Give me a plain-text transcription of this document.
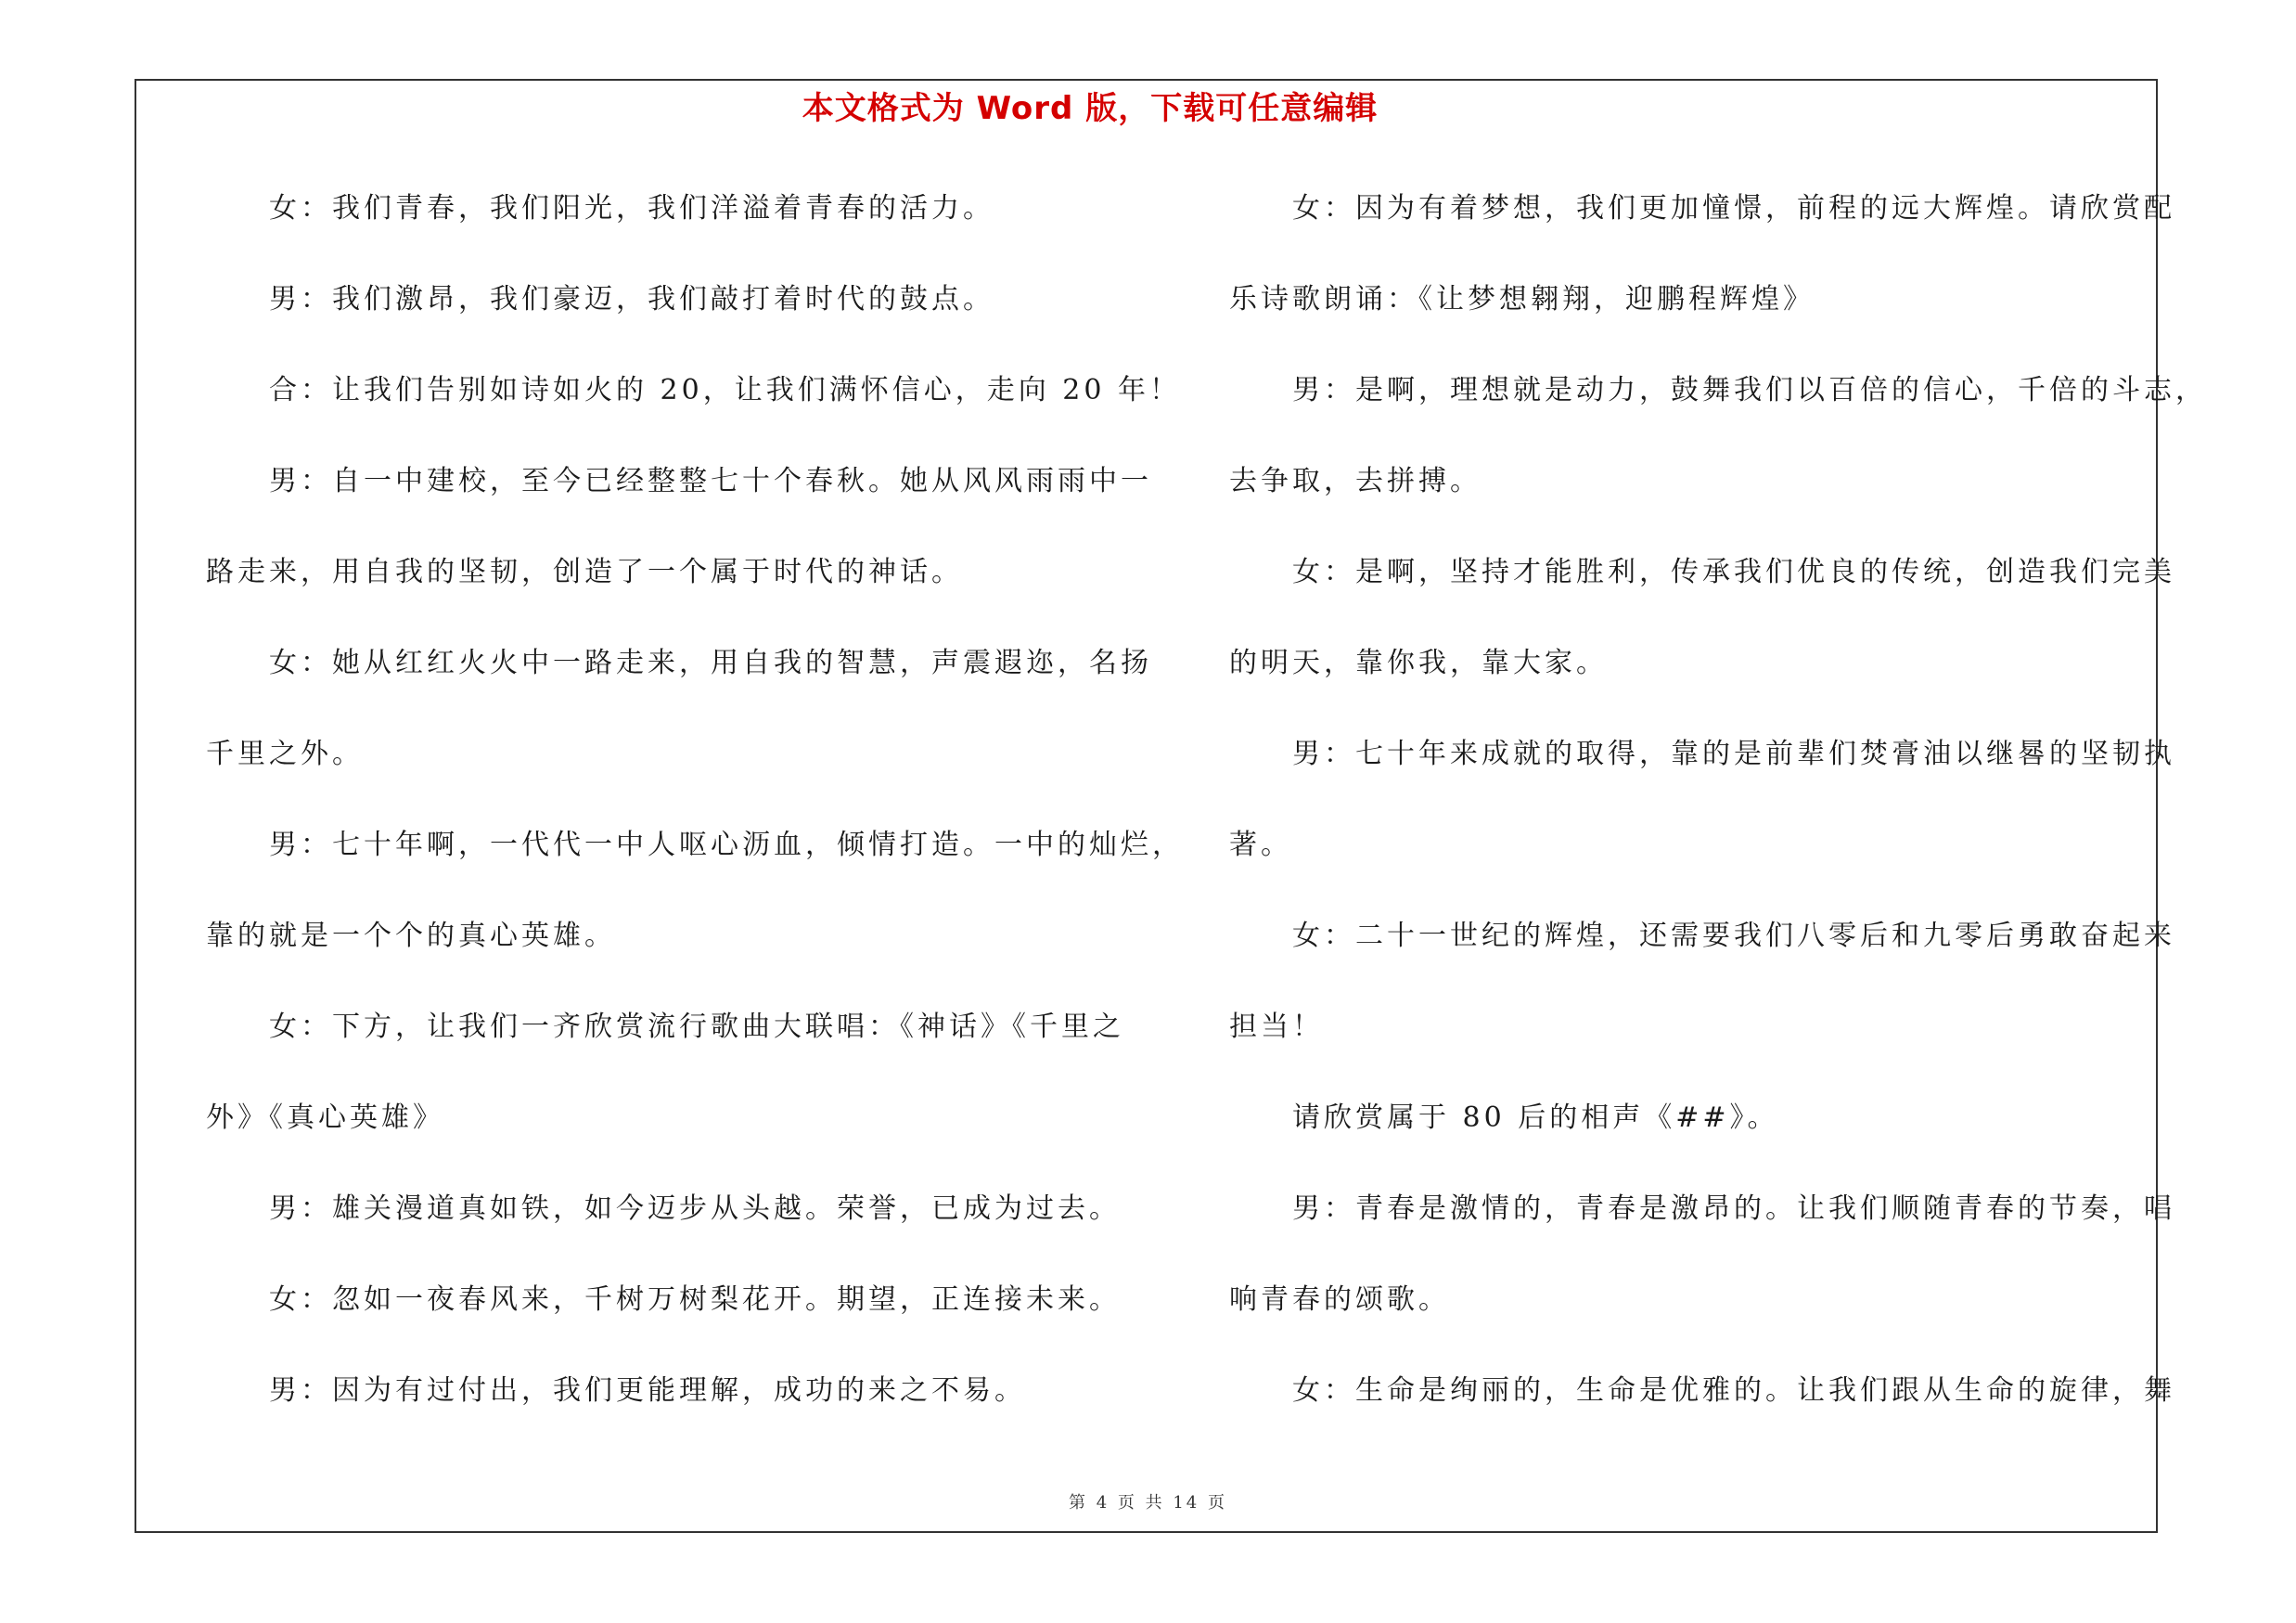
本文格式为 Word 版，下载可任意编辑
女：我们青春，我们阳光，我们洋溢着青春的活力。
男：我们激昂，我们豪迈，我们敲打着时代的鼓点。
合：让我们告别如诗如火的 20，让我们满怀信心，走向 20 年！
男：自一中建校，至今已经整整七十个春秋。她从风风雨雨中一
路走来，用自我的坚韧，创造了一个属于时代的神话。
女：她从红红火火中一路走来，用自我的智慧，声震遐迩，名扬
千里之外。
男：七十年啊，一代代一中人呕心沥血，倾情打造。一中的灿烂，
靠的就是一个个的真心英雄。
女：下方，让我们一齐欣赏流行歌曲大联唱：《神话》《千里之
外》《真心英雄》
男：雄关漫道真如铁，如今迈步从头越。荣誉，已成为过去。
女：忽如一夜春风来，千树万树梨花开。期望，正连接未来。
男：因为有过付出，我们更能理解，成功的来之不易。
女：因为有着梦想，我们更加憧憬，前程的远大辉煌。请欣赏配
乐诗歌朗诵：《让梦想翱翔，迎鹏程辉煌》
男：是啊，理想就是动力，鼓舞我们以百倍的信心，千倍的斗志，
去争取，去拼搏。
女：是啊，坚持才能胜利，传承我们优良的传统，创造我们完美
的明天，靠你我，靠大家。
男：七十年来成就的取得，靠的是前辈们焚膏油以继晷的坚韧执
著。
女：二十一世纪的辉煌，还需要我们八零后和九零后勇敢奋起来
担当！
请欣赏属于 80 后的相声《##》。
男：青春是激情的，青春是激昂的。让我们顺随青春的节奏，唱
响青春的颂歌。
女：生命是绚丽的，生命是优雅的。让我们跟从生命的旋律，舞
第 4 页 共 14 页
